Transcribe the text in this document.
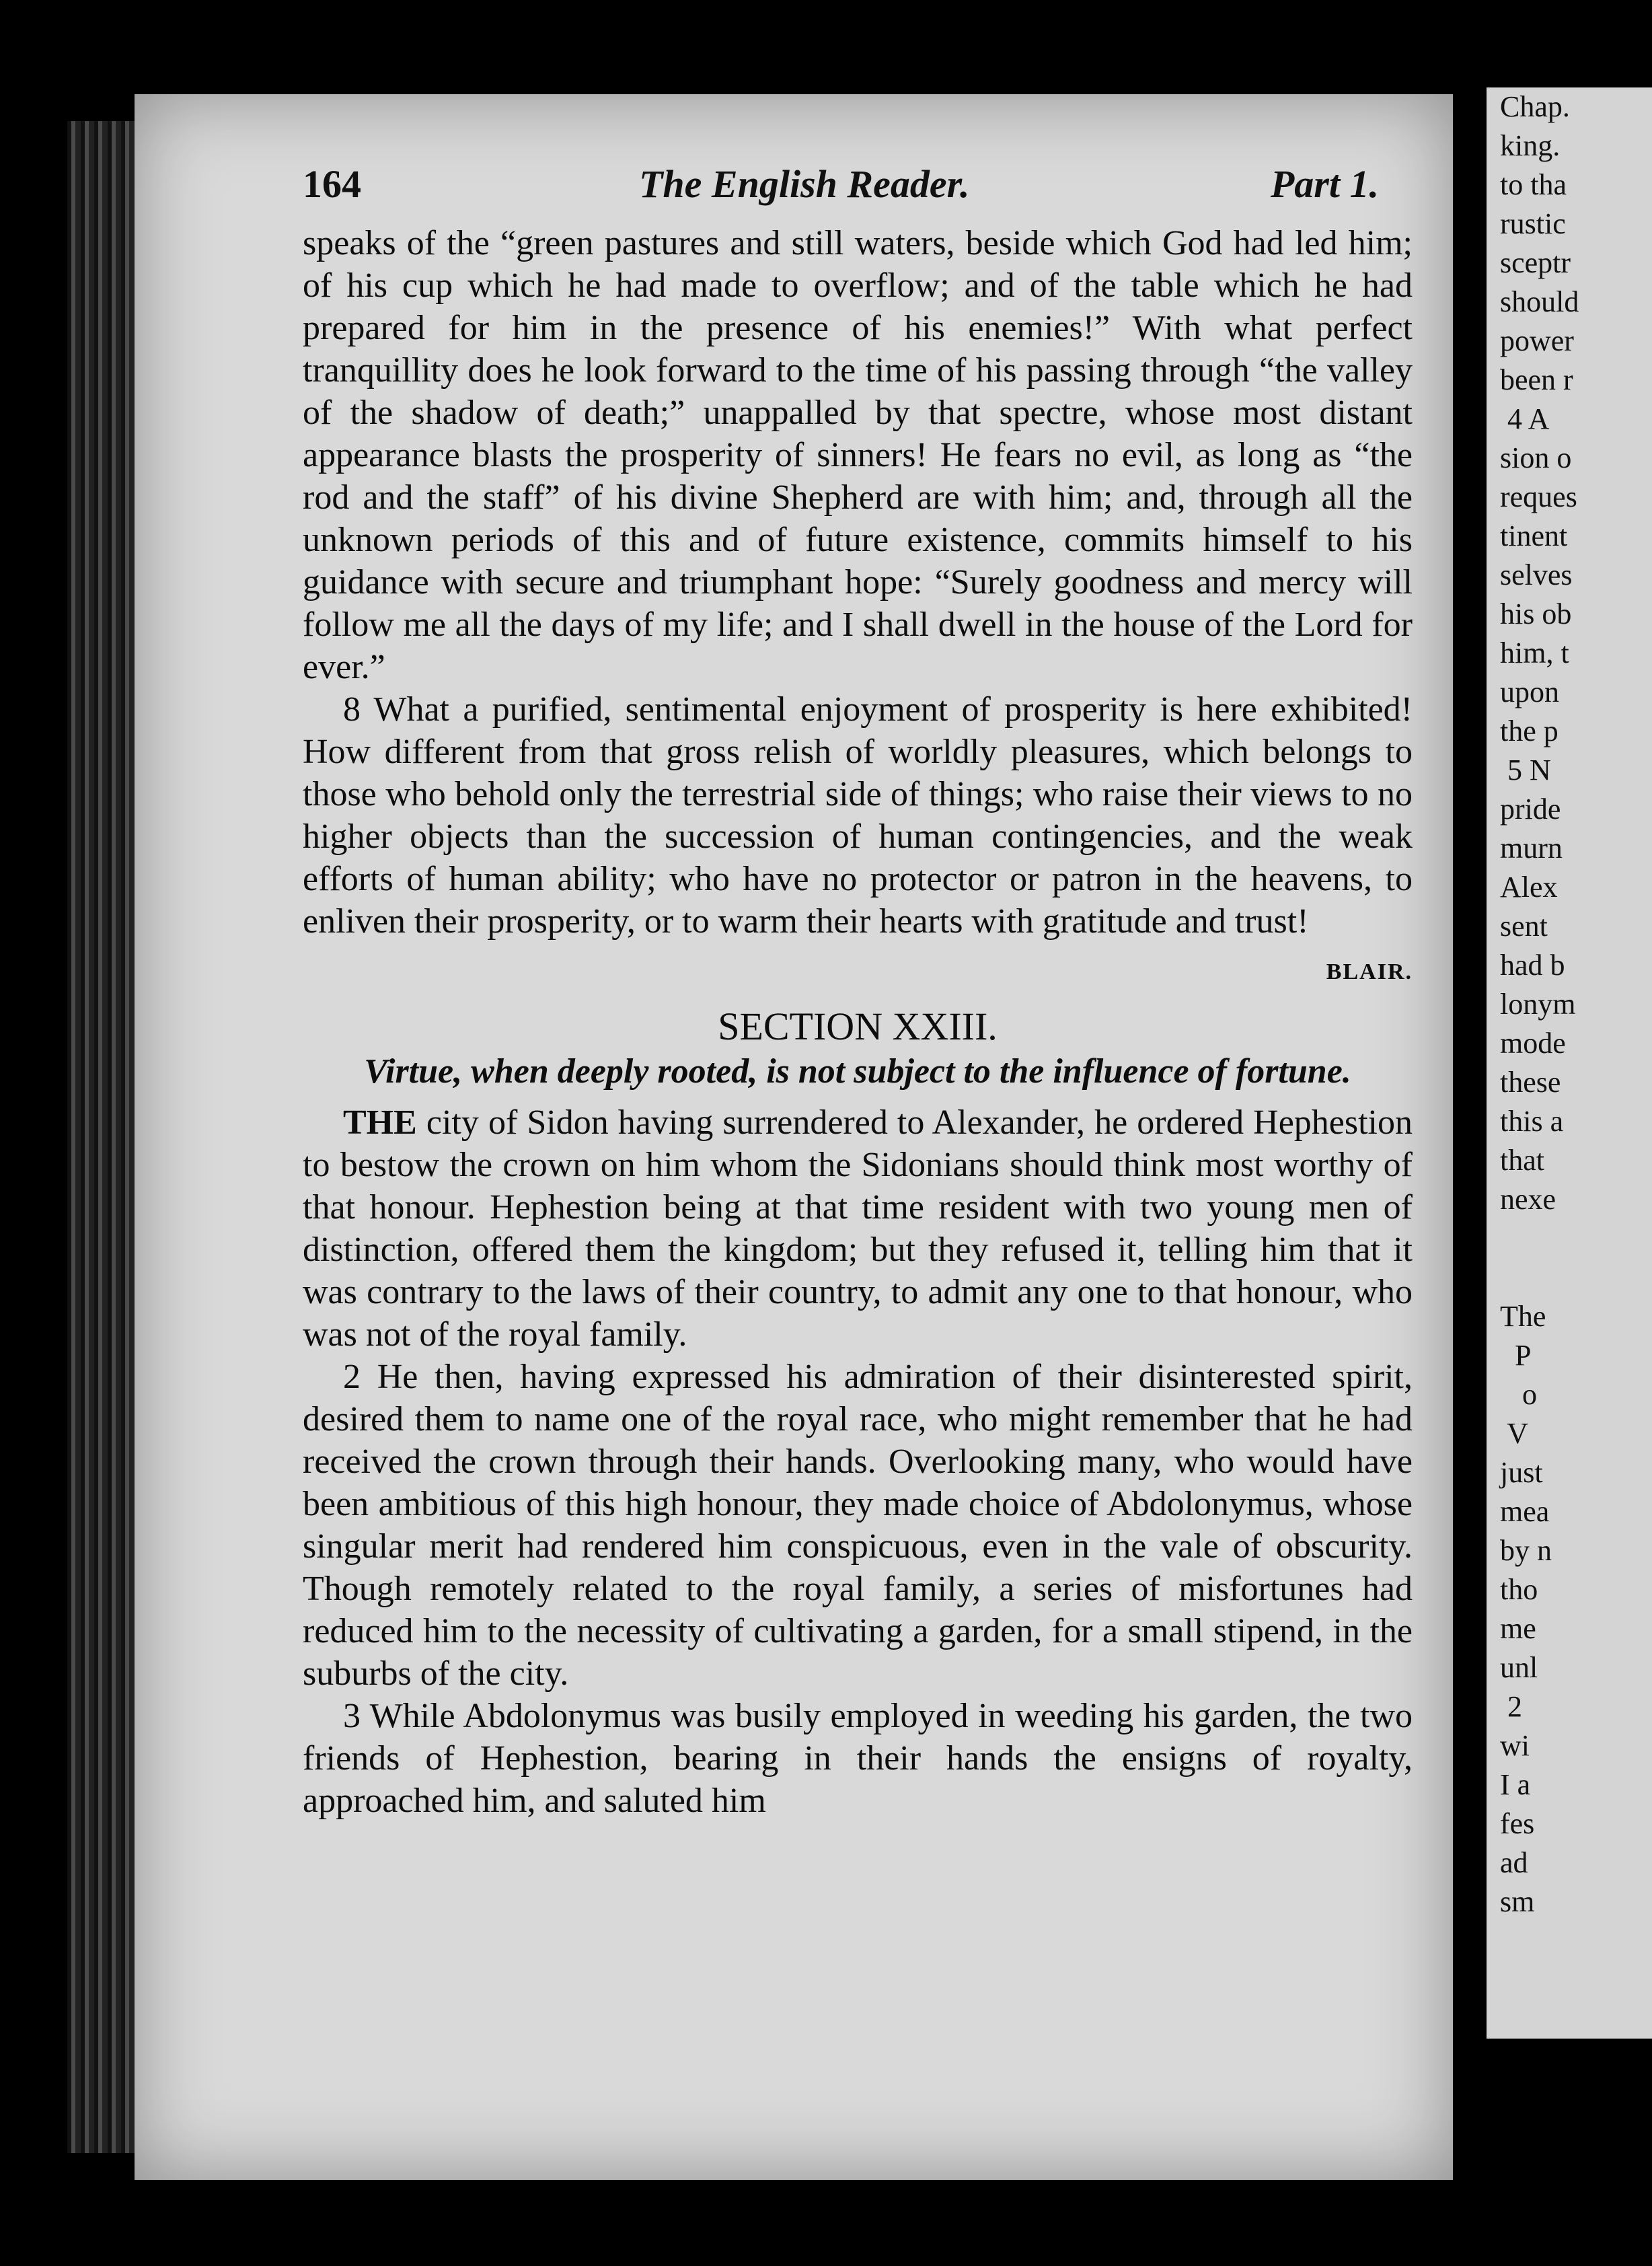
Chap.
king.
to tha
rustic
sceptr
should
power
been r
4 A
sion o
reques
tinent
selves
his ob
him, t
upon
the p
5 N
pride
murn
Alex
sent
had b
lonym
mode
these
this a
that
nexe

The
P
o
V
just
mea
by n
tho
me
unl
2
wi
I a
fes
ad
sm
164	The English Reader.	Part 1.

speaks of the “green pastures and still waters, beside which God had led him; of his cup which he had made to overflow; and of the table which he had prepared for him in the presence of his enemies!” With what perfect tranquillity does he look forward to the time of his passing through “the valley of the shadow of death;” unappalled by that spectre, whose most distant appearance blasts the prosperity of sinners! He fears no evil, as long as “the rod and the staff” of his divine Shepherd are with him; and, through all the unknown periods of this and of future existence, commits himself to his guidance with secure and triumphant hope: “Surely goodness and mercy will follow me all the days of my life; and I shall dwell in the house of the Lord for ever.”

8 What a purified, sentimental enjoyment of prosperity is here exhibited! How different from that gross relish of worldly pleasures, which belongs to those who behold only the terrestrial side of things; who raise their views to no higher objects than the succession of human contingencies, and the weak efforts of human ability; who have no protector or patron in the heavens, to enliven their prosperity, or to warm their hearts with gratitude and trust!

BLAIR.

SECTION XXIII.
Virtue, when deeply rooted, is not subject to the influence of fortune.

THE city of Sidon having surrendered to Alexander, he ordered Hephestion to bestow the crown on him whom the Sidonians should think most worthy of that honour. Hephestion being at that time resident with two young men of distinction, offered them the kingdom; but they refused it, telling him that it was contrary to the laws of their country, to admit any one to that honour, who was not of the royal family.

2 He then, having expressed his admiration of their disinterested spirit, desired them to name one of the royal race, who might remember that he had received the crown through their hands. Overlooking many, who would have been ambitious of this high honour, they made choice of Abdolonymus, whose singular merit had rendered him conspicuous, even in the vale of obscurity. Though remotely related to the royal family, a series of misfortunes had reduced him to the necessity of cultivating a garden, for a small stipend, in the suburbs of the city.

3 While Abdolonymus was busily employed in weeding his garden, the two friends of Hephestion, bearing in their hands the ensigns of royalty, approached him, and saluted him
